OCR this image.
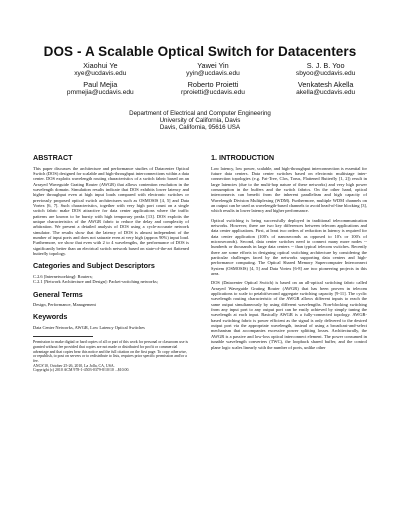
DOS - A Scalable Optical Switch for Datacenters
Xiaohui Ye
xye@ucdavis.edu
Yawei Yin
yyin@ucdavis.edu
S. J. B. Yoo
sbyoo@ucdavis.edu
Paul Mejia
pmmejia@ucdavis.edu
Roberto Proietti
rproietti@ucdavis.edu
Venkatesh Akella
akella@ucdavis.edu
Department of Electrical and Computer Engineering
University of California, Davis
Davis, California, 95616 USA
ABSTRACT

This paper discusses the architecture and performance studies of Datacenter Optical Switch (DOS) designed for scalable and high-throughput interconnections within a data center. DOS exploits wavelength routing characteristics of a switch fabric based on an Arrayed Waveguide Grating Router (AWGR) that allows contention resolution in the wavelength domain. Simulation results indicate that DOS exhibits lower latency and higher throughput even at high input loads compared with electronic switches or previously proposed optical switch architectures such as OSMOSIS [4, 5] and Data Vortex [6, 7]. Such characteristics, together with very high port count on a single switch fabric make DOS attractive for data center applications where the traffic patterns are known to be bursty with high temporary peaks [13]. DOS exploits the unique characteristics of the AWGR fabric to reduce the delay and complexity of arbitration. We present a detailed analysis of DOS using a cycle-accurate network simulator. The results show that the latency of DOS is almost independent of the number of input ports and does not saturate even at very high (approx 90%) input load. Furthermore, we show that even with 2 to 4 wavelengths, the performance of DOS is significantly better than an electrical switch network based on state-of-the-art flattened butterfly topology.

Categories and Subject Descriptors
C.2.6 [Internetworking]: Routers;

C.2.1 [Network Architecture and Design]: Packet-switching networks;

General Terms

Design, Performance, Management

Keywords

Data Center Networks, AWGR, Low Latency Optical Switches

Permission to make digital or hard copies of all or part of this work for personal or classroom use is granted without fee provided that copies are not made or distributed for profit or commercial advantage and that copies bear this notice and the full citation on the first page. To copy otherwise, or republish, to post on servers or to redistribute to lists, requires prior specific permission and/or a fee.
ANCS'10, October 25-26, 2010, La Jolla, CA, USA.
Copyright (c) 2010 ACM 978-1-4503-0379-8/10/10 ...$10.00.
1. INTRODUCTION

Low latency, low power, scalable, and high-throughput interconnection is essential for future data centers. Data center switches based on electronic multistage inter-connection topologies (e.g. Fat-Tree, Clos, Torus, Flattened Butterfly [1, 2]) result in large latencies (due to the multi-hop nature of these networks) and very high power consumption in the buffers and the switch fabrics. On the other hand, optical interconnects can benefit from the inherent parallelism and high capacity of Wavelength Division Multiplexing (WDM). Furthermore, multiple WDM channels on an output can be used as wavelength-based channels to avoid head-of-line blocking [3], which results in lower latency and higher performance.

Optical switching is being successfully deployed in traditional telecommunication networks. However, there are two key differences between telecom applications and data center applications. First, at least two orders of reduction in latency is required for data center application (100's of nanoseconds as opposed to 10's or 100's of microseconds). Second, data center switches need to connect many more nodes -- hundreds or thousands in large data centers -- than typical telecom switches. Recently there are some efforts in designing optical switching architecture by considering the particular challenges faced by the networks supporting data centers and high-performance computing. The Optical Shared Memory Supercomputer Interconnect System (OSMOSIS) [4, 5] and Data Vortex [6-8] are two pioneering projects in this area.

DOS (Datacenter Optical Switch) is based on an all-optical switching fabric called Arrayed Waveguide Grating Router (AWGR) that has been proven in telecom applications to scale to petabit/second aggregate switching capacity [9-11]. The cyclic wavelength routing characteristic of the AWGR allows different inputs to reach the same output simultaneously by using different wavelengths. Non-blocking switching from any input port to any output port can be easily achieved by simply tuning the wavelength at each input. Basically AWGR is a fully-connected topology. AWGR-based switching fabric is power efficient as the signal is only delivered to the desired output port via the appropriate wavelength, instead of using a broadcast-and-select mechanism that accompanies excessive power splitting losses. Architecturally, the AWGR is a passive and low-loss optical interconnect element. The power consumed in tunable wavelength converters (TWC), the loopback shared buffer, and the control plane logic scales linearly with the number of ports, unlike other
